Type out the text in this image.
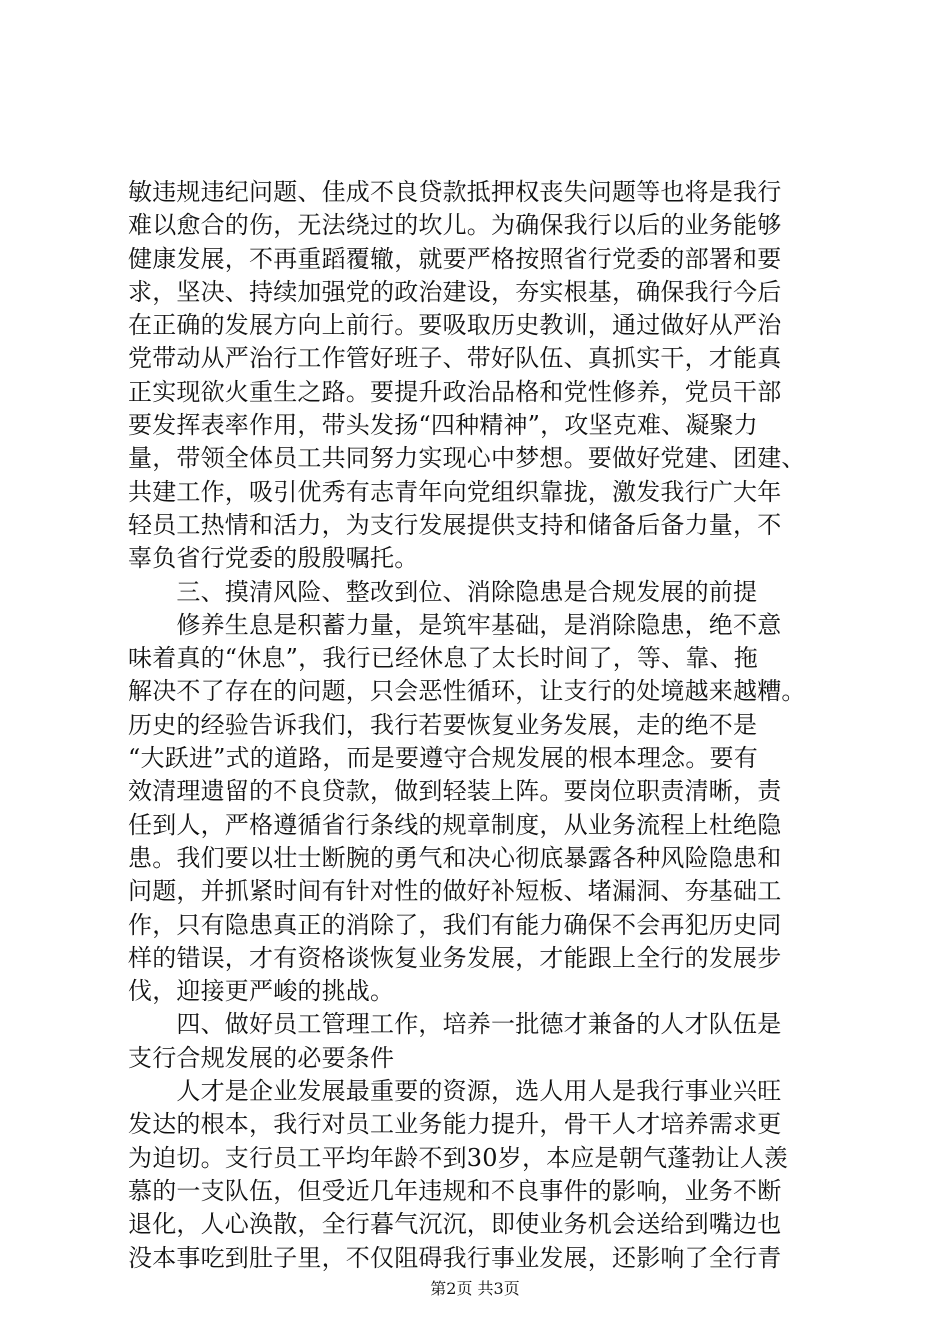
敏违规违纪问题、佳成不良贷款抵押权丧失问题等也将是我行
难以愈合的伤，无法绕过的坎儿。为确保我行以后的业务能够
健康发展，不再重蹈覆辙，就要严格按照省行党委的部署和要
求，坚决、持续加强党的政治建设，夯实根基，确保我行今后
在正确的发展方向上前行。要吸取历史教训，通过做好从严治
党带动从严治行工作管好班子、带好队伍、真抓实干，才能真
正实现欲火重生之路。要提升政治品格和党性修养，党员干部
要发挥表率作用，带头发扬“四种精神”，攻坚克难、凝聚力
量，带领全体员工共同努力实现心中梦想。要做好党建、团建、
共建工作，吸引优秀有志青年向党组织靠拢，激发我行广大年
轻员工热情和活力，为支行发展提供支持和储备后备力量，不
辜负省行党委的殷殷嘱托。
　　三、摸清风险、整改到位、消除隐患是合规发展的前提
　　修养生息是积蓄力量，是筑牢基础，是消除隐患，绝不意
味着真的“休息”，我行已经休息了太长时间了，等、靠、拖
解决不了存在的问题，只会恶性循环，让支行的处境越来越糟。
历史的经验告诉我们，我行若要恢复业务发展，走的绝不是
“大跃进”式的道路，而是要遵守合规发展的根本理念。要有
效清理遗留的不良贷款，做到轻装上阵。要岗位职责清晰，责
任到人，严格遵循省行条线的规章制度，从业务流程上杜绝隐
患。我们要以壮士断腕的勇气和决心彻底暴露各种风险隐患和
问题，并抓紧时间有针对性的做好补短板、堵漏洞、夯基础工
作，只有隐患真正的消除了，我们有能力确保不会再犯历史同
样的错误，才有资格谈恢复业务发展，才能跟上全行的发展步
伐，迎接更严峻的挑战。
　　四、做好员工管理工作，培养一批德才兼备的人才队伍是
支行合规发展的必要条件
　　人才是企业发展最重要的资源，选人用人是我行事业兴旺
发达的根本，我行对员工业务能力提升，骨干人才培养需求更
为迫切。支行员工平均年龄不到30岁，本应是朝气蓬勃让人羡
慕的一支队伍，但受近几年违规和不良事件的影响，业务不断
退化，人心涣散，全行暮气沉沉，即使业务机会送给到嘴边也
没本事吃到肚子里，不仅阻碍我行事业发展，还影响了全行青
第2页 共3页
